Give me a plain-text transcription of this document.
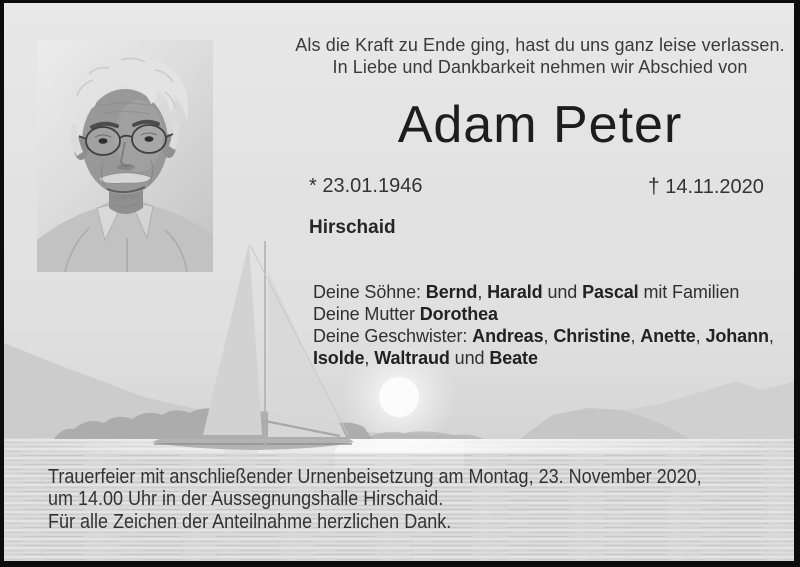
Als die Kraft zu Ende ging, hast du uns ganz leise verlassen.
In Liebe und Dankbarkeit nehmen wir Abschied von
Adam Peter
* 23.01.1946	† 14.11.2020
Hirschaid
Deine Söhne: Bernd, Harald und Pascal mit Familien
Deine Mutter Dorothea
Deine Geschwister: Andreas, Christine, Anette, Johann,
Isolde, Waltraud und Beate
Trauerfeier mit anschließender Urnenbeisetzung am Montag, 23. November 2020,
um 14.00 Uhr in der Aussegnungshalle Hirschaid.
Für alle Zeichen der Anteilnahme herzlichen Dank.
